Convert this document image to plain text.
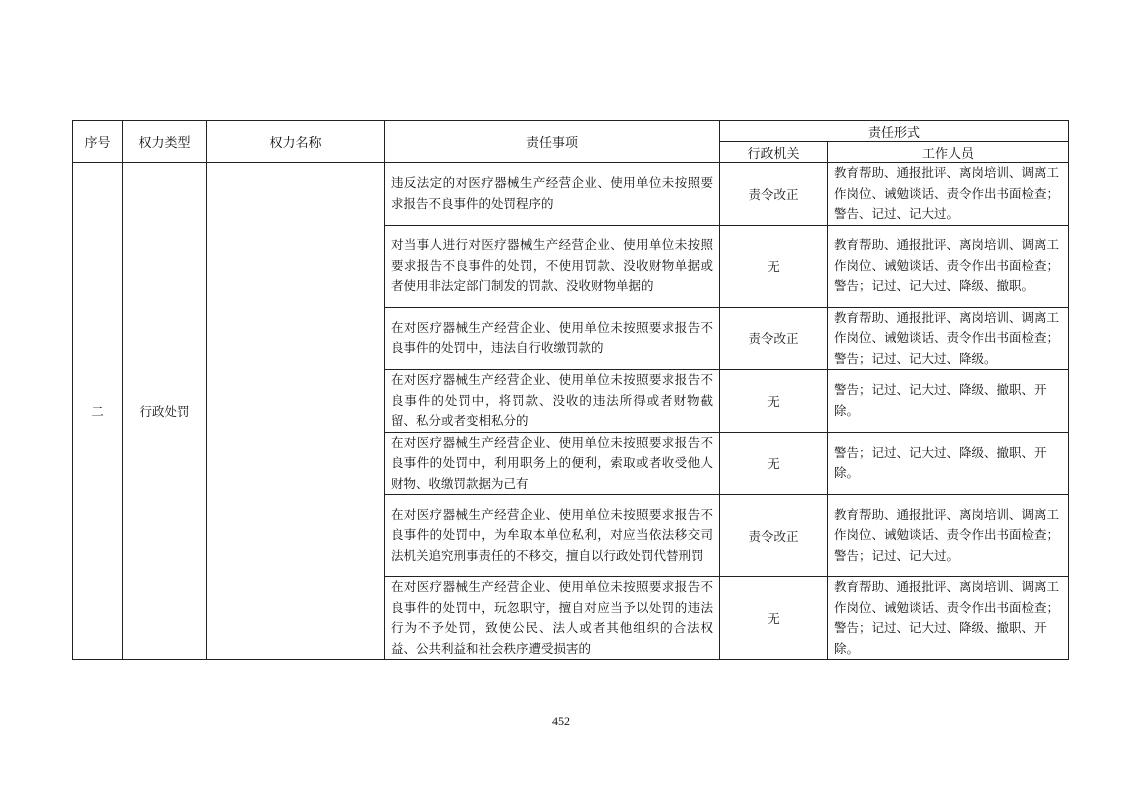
序号	权力类型	权力名称	责任事项	责任形式	
				行政机关	工作人员
二	行政处罚		违反法定的对医疗器械生产经营企业、使用单位未按照要求报告不良事件的处罚程序的	责令改正	教育帮助、通报批评、离岗培训、调离工作岗位、诫勉谈话、责令作出书面检查；警告、记过、记大过。
			对当事人进行对医疗器械生产经营企业、使用单位未按照要求报告不良事件的处罚，不使用罚款、没收财物单据或者使用非法定部门制发的罚款、没收财物单据的	无	教育帮助、通报批评、离岗培训、调离工作岗位、诫勉谈话、责令作出书面检查；警告；记过、记大过、降级、撤职。
			在对医疗器械生产经营企业、使用单位未按照要求报告不良事件的处罚中，违法自行收缴罚款的	责令改正	教育帮助、通报批评、离岗培训、调离工作岗位、诫勉谈话、责令作出书面检查；警告；记过、记大过、降级。
			在对医疗器械生产经营企业、使用单位未按照要求报告不良事件的处罚中，将罚款、没收的违法所得或者财物截留、私分或者变相私分的	无	警告；记过、记大过、降级、撤职、开除。
			在对医疗器械生产经营企业、使用单位未按照要求报告不良事件的处罚中，利用职务上的便利，索取或者收受他人财物、收缴罚款据为己有	无	警告；记过、记大过、降级、撤职、开除。
			在对医疗器械生产经营企业、使用单位未按照要求报告不良事件的处罚中，为牟取本单位私利，对应当依法移交司法机关追究刑事责任的不移交，擅自以行政处罚代替刑罚	责令改正	教育帮助、通报批评、离岗培训、调离工作岗位、诫勉谈话、责令作出书面检查；警告；记过、记大过。
			在对医疗器械生产经营企业、使用单位未按照要求报告不良事件的处罚中，玩忽职守，擅自对应当予以处罚的违法行为不予处罚，致使公民、法人或者其他组织的合法权益、公共利益和社会秩序遭受损害的	无	教育帮助、通报批评、离岗培训、调离工作岗位、诫勉谈话、责令作出书面检查；警告；记过、记大过、降级、撤职、开除。
452
